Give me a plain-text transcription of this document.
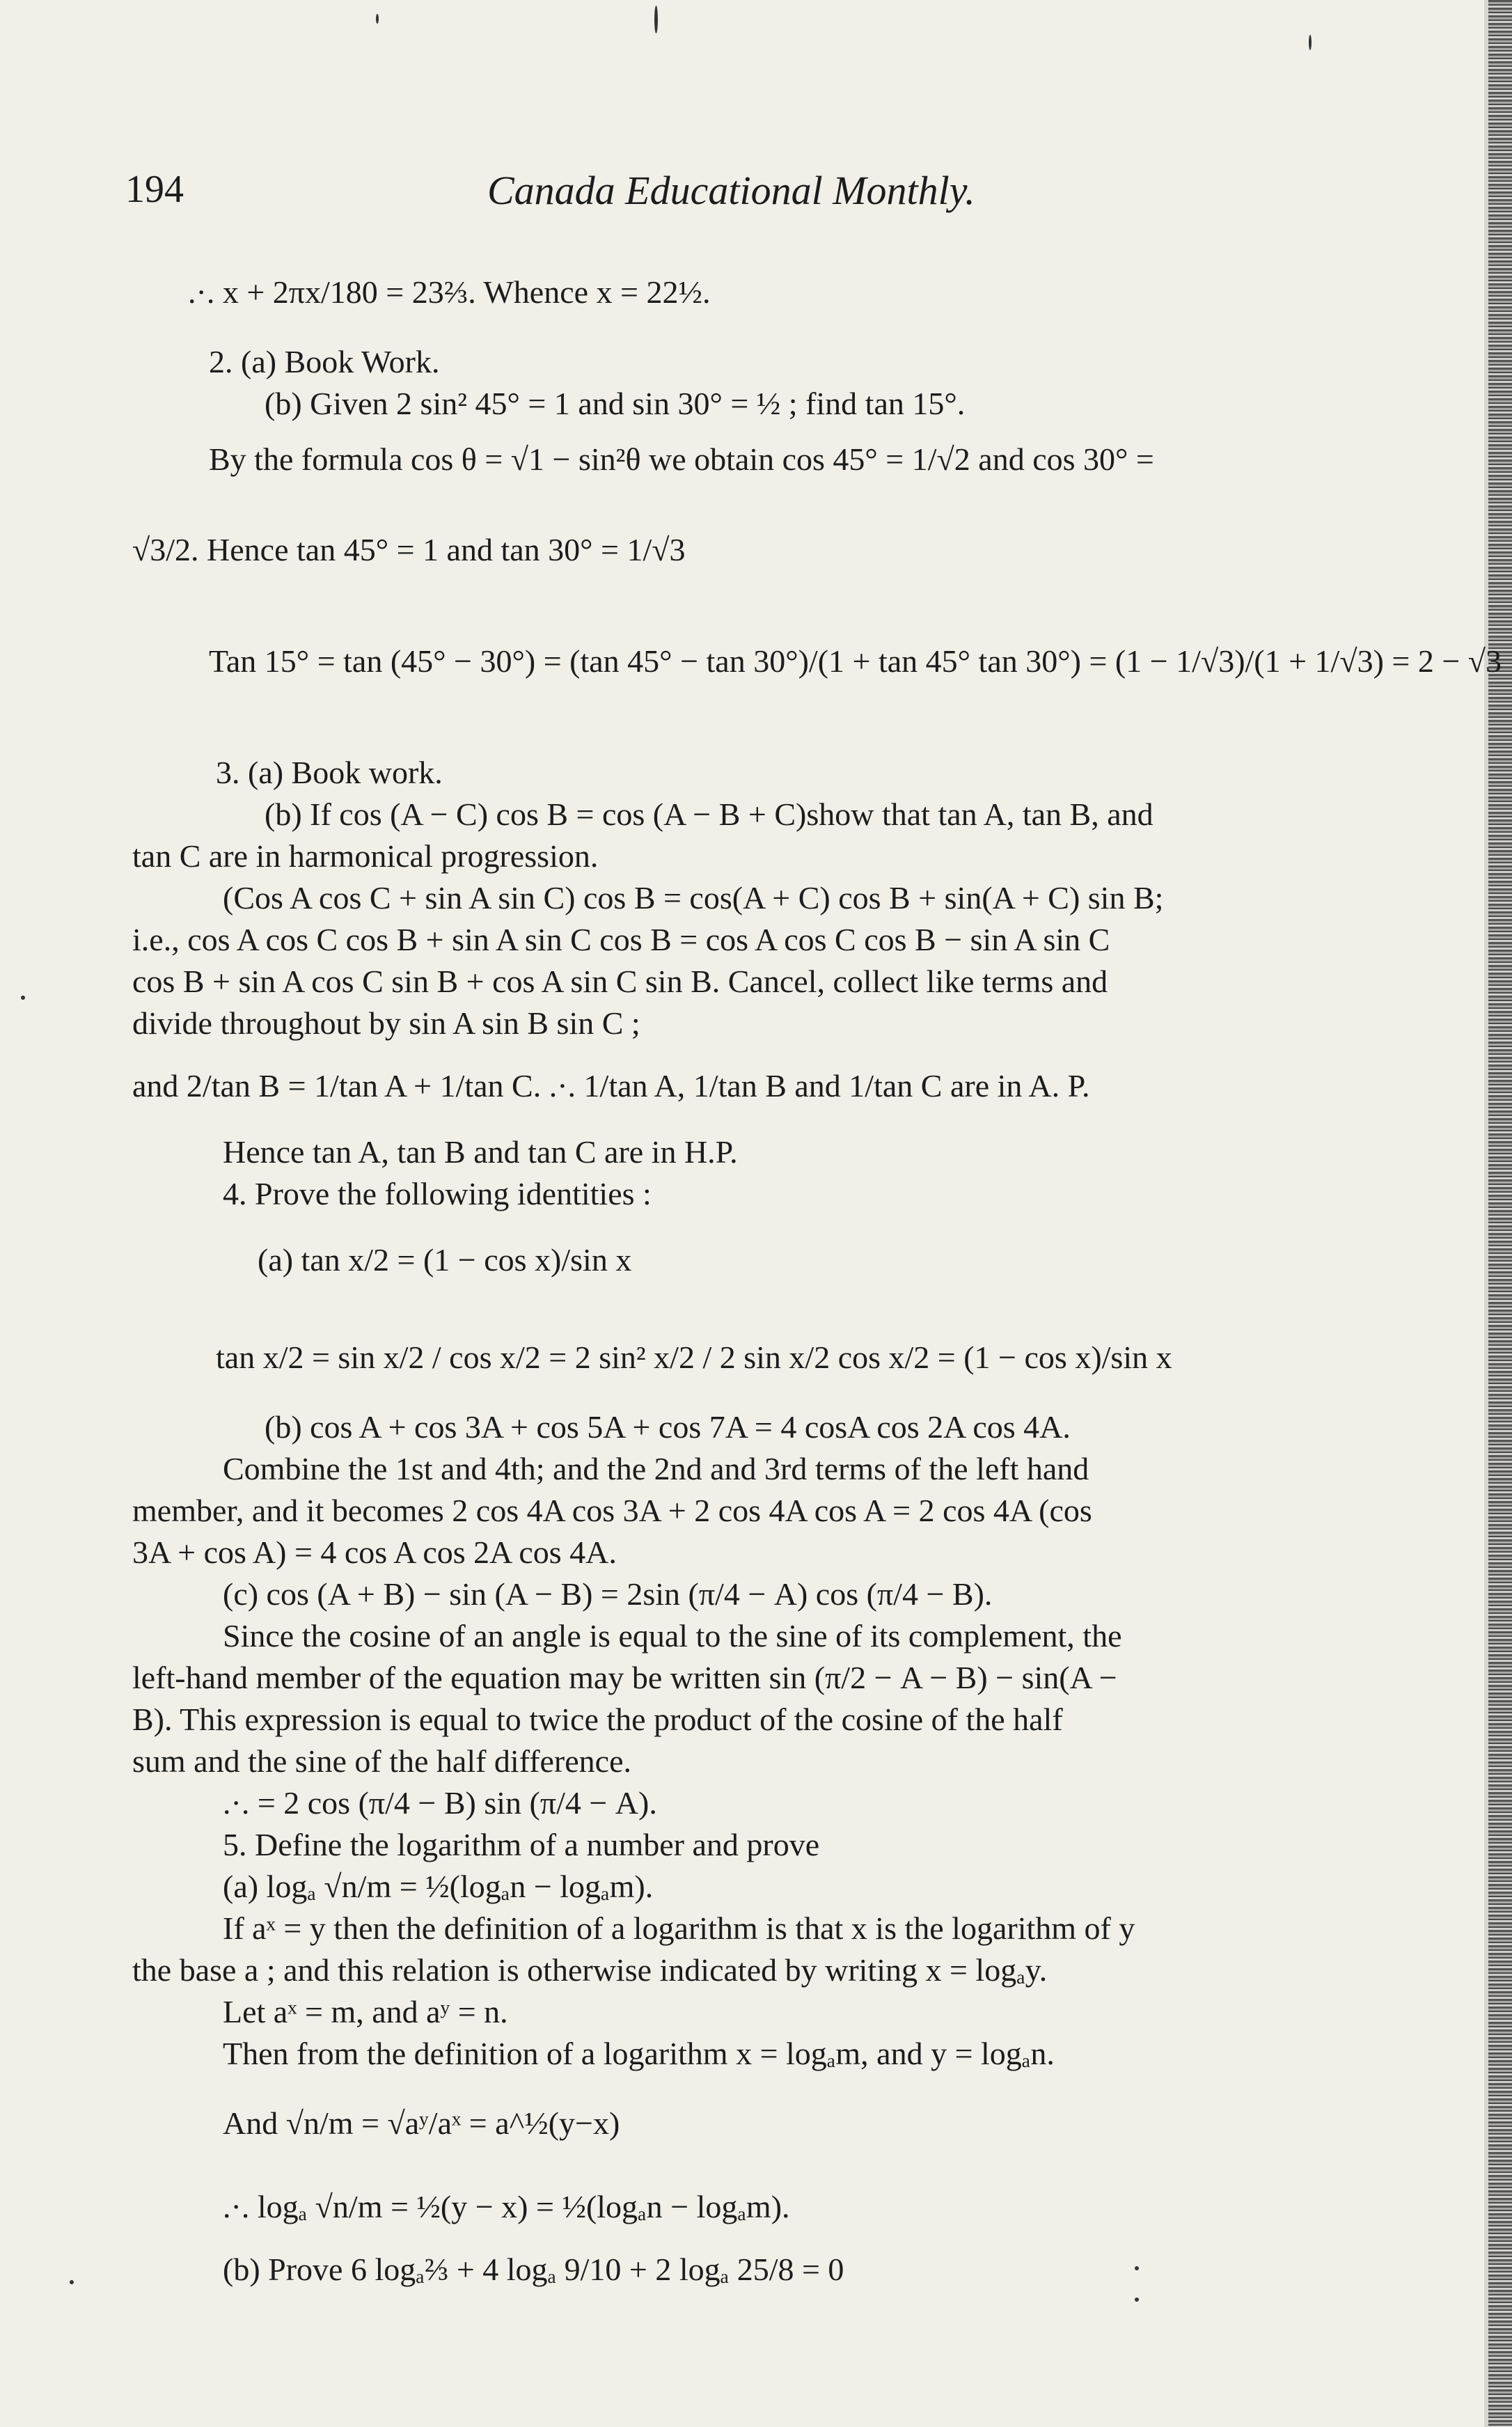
194	Canada Educational Monthly.
.·. x + 2πx/180 = 23⅔. Whence x = 22½.
2. (a) Book Work.
(b) Given 2 sin² 45° = 1 and sin 30° = ½ ; find tan 15°.
By the formula cos θ = √1 − sin²θ we obtain cos 45° = 1/√2 and cos 30° =
√3/2. Hence tan 45° = 1 and tan 30° = 1/√3
Tan 15° = tan (45° − 30°) = (tan 45° − tan 30°)/(1 + tan 45° tan 30°) = (1 − 1/√3)/(1 + 1/√3) = 2 − √3
3. (a) Book work.
(b) If cos (A − C) cos B = cos (A − B + C)show that tan A, tan B, and
tan C are in harmonical progression.
(Cos A cos C + sin A sin C) cos B = cos(A + C) cos B + sin(A + C) sin B;
i.e., cos A cos C cos B + sin A sin C cos B = cos A cos C cos B − sin A sin C
cos B + sin A cos C sin B + cos A sin C sin B. Cancel, collect like terms and
divide throughout by sin A sin B sin C ;
and 2/tan B = 1/tan A + 1/tan C. .·. 1/tan A, 1/tan B and 1/tan C are in A. P.
Hence tan A, tan B and tan C are in H.P.
4. Prove the following identities :
(a) tan x/2 = (1 − cos x)/sin x
tan x/2 = sin x/2 / cos x/2 = 2 sin² x/2 / 2 sin x/2 cos x/2 = (1 − cos x)/sin x
(b) cos A + cos 3A + cos 5A + cos 7A = 4 cosA cos 2A cos 4A.
Combine the 1st and 4th; and the 2nd and 3rd terms of the left hand
member, and it becomes 2 cos 4A cos 3A + 2 cos 4A cos A = 2 cos 4A (cos
3A + cos A) = 4 cos A cos 2A cos 4A.
(c) cos (A + B) − sin (A − B) = 2sin (π/4 − A) cos (π/4 − B).
Since the cosine of an angle is equal to the sine of its complement, the
left-hand member of the equation may be written sin (π/2 − A − B) − sin(A −
B). This expression is equal to twice the product of the cosine of the half
sum and the sine of the half difference.
.·. = 2 cos (π/4 − B) sin (π/4 − A).
5. Define the logarithm of a number and prove
(a) logₐ √n/m = ½(logₐn − logₐm).
If aˣ = y then the definition of a logarithm is that x is the logarithm of y
the base a ; and this relation is otherwise indicated by writing x = logₐy.
Let aˣ = m, and aʸ = n.
Then from the definition of a logarithm x = logₐm, and y = logₐn.
And √n/m = √aʸ/aˣ = a^½(y−x)
.·. logₐ √n/m = ½(y − x) = ½(logₐn − logₐm).
(b) Prove 6 logₐ⅔ + 4 logₐ 9/10 + 2 logₐ 25/8 = 0
